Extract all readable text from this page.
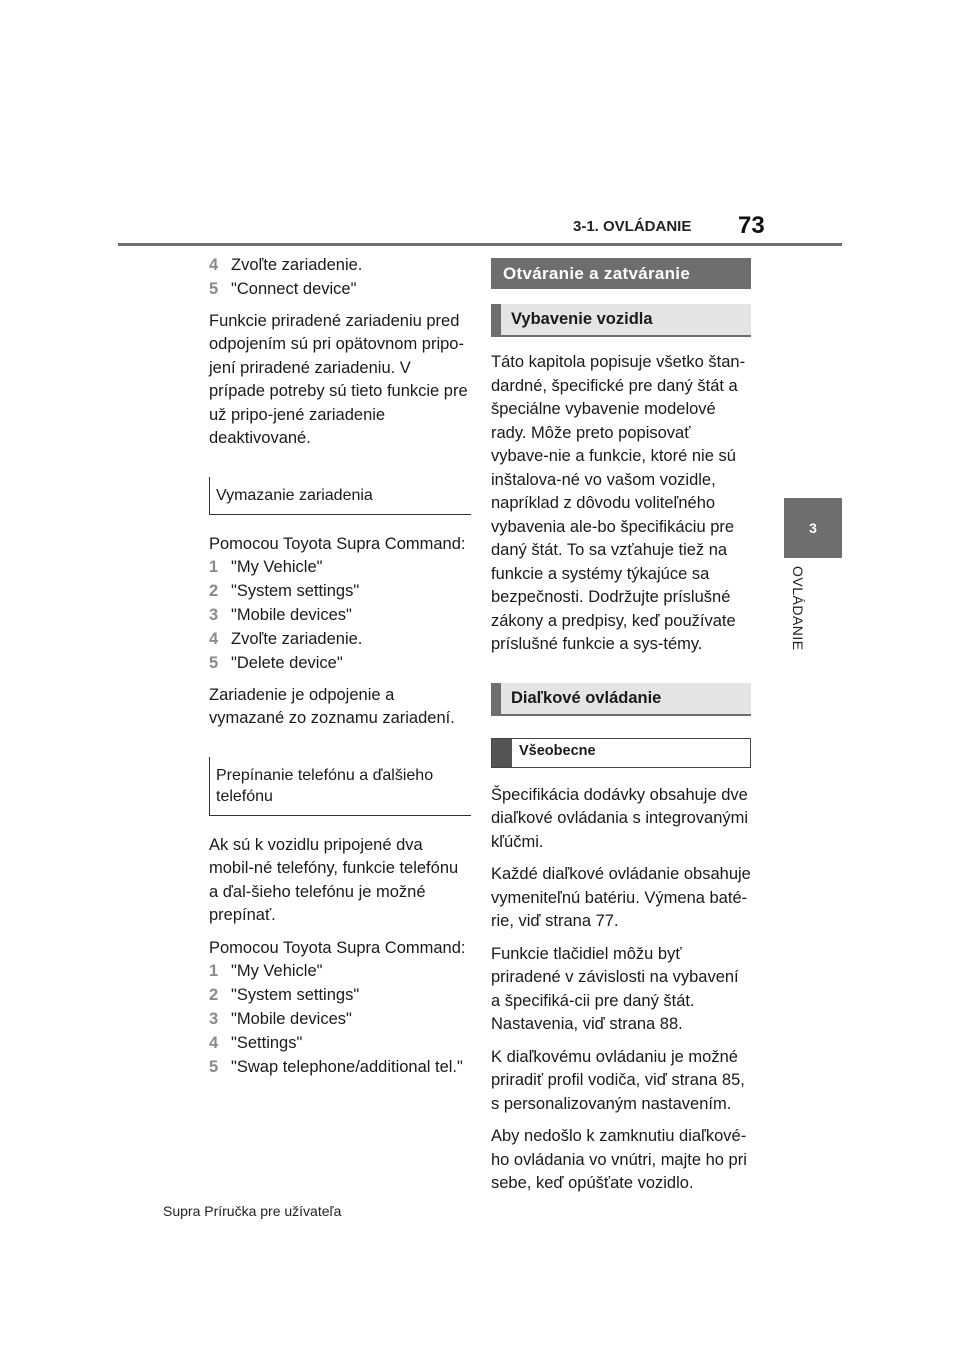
3-1. OVLÁDANIE 73
3
OVLÁDANIE
4 Zvoľte zariadenie.
5 "Connect device"

Funkcie priradené zariadeniu pred odpojením sú pri opätovnom pripo-jení priradené zariadeniu. V prípade potreby sú tieto funkcie pre už pripo-jené zariadenie deaktivované.

Vymazanie zariadenia

Pomocou Toyota Supra Command:

1 "My Vehicle"
2 "System settings"
3 "Mobile devices"
4 Zvoľte zariadenie.
5 "Delete device"

Zariadenie je odpojenie a vymazané zo zoznamu zariadení.

Prepínanie telefónu a ďalšieho telefónu

Ak sú k vozidlu pripojené dva mobil-né telefóny, funkcie telefónu a ďal-šieho telefónu je možné prepínať.

Pomocou Toyota Supra Command:

1 "My Vehicle"
2 "System settings"
3 "Mobile devices"
4 "Settings"
5 "Swap telephone/additional tel."
Otváranie a zatváranie
Vybavenie vozidla

Táto kapitola popisuje všetko štan-dardné, špecifické pre daný štát a špeciálne vybavenie modelové rady. Môže preto popisovať vybave-nie a funkcie, ktoré nie sú inštalova-né vo vašom vozidle, napríklad z dôvodu voliteľného vybavenia ale-bo špecifikáciu pre daný štát. To sa vzťahuje tiež na funkcie a systémy týkajúce sa bezpečnosti. Dodržujte príslušné zákony a predpisy, keď používate príslušné funkcie a sys-témy.

Diaľkové ovládanie
Všeobecne

Špecifikácia dodávky obsahuje dve diaľkové ovládania s integrovanými kľúčmi.

Každé diaľkové ovládanie obsahuje vymeniteľnú batériu. Výmena baté-rie, viď strana 77.

Funkcie tlačidiel môžu byť priradené v závislosti na vybavení a špecifiká-cii pre daný štát. Nastavenia, viď strana 88.

K diaľkovému ovládaniu je možné priradiť profil vodiča, viď strana 85, s personalizovaným nastavením.

Aby nedošlo k zamknutiu diaľkové-ho ovládania vo vnútri, majte ho pri sebe, keď opúšťate vozidlo.

Supra Príručka pre užívateľa
